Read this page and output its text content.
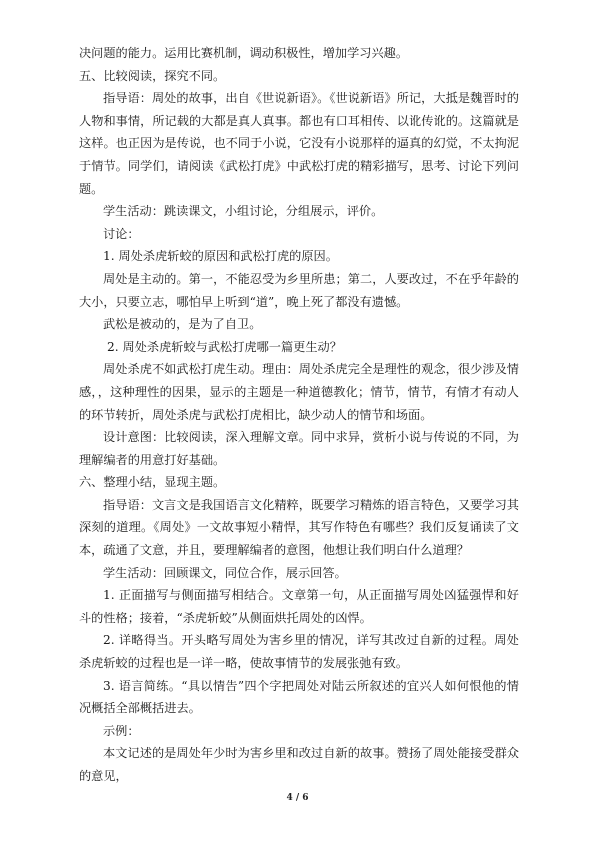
决问题的能力。运用比赛机制，调动积极性，增加学习兴趣。

五、比较阅读，探究不同。

指导语：周处的故事，出自《世说新语》。《世说新语》所记，大抵是魏晋时的人物和事情，所记载的大都是真人真事。都也有口耳相传、以讹传讹的。这篇就是这样。也正因为是传说，也不同于小说，它没有小说那样的逼真的幻觉，不太拘泥于情节。同学们，请阅读《武松打虎》中武松打虎的精彩描写，思考、讨论下列问题。

学生活动：跳读课文，小组讨论，分组展示，评价。

讨论：

1. 周处杀虎斩蛟的原因和武松打虎的原因。

周处是主动的。第一，不能忍受为乡里所患；第二，人要改过，不在乎年龄的大小，只要立志，哪怕早上听到“道”，晚上死了都没有遗憾。

武松是被动的，是为了自卫。

2. 周处杀虎斩蛟与武松打虎哪一篇更生动？

周处杀虎不如武松打虎生动。理由：周处杀虎完全是理性的观念，很少涉及情感，，这种理性的因果，显示的主题是一种道德教化；情节，情节，有情才有动人的环节转折，周处杀虎与武松打虎相比，缺少动人的情节和场面。

设计意图：比较阅读，深入理解文章。同中求异，赏析小说与传说的不同，为理解编者的用意打好基础。

六、整理小结，显现主题。

指导语：文言文是我国语言文化精粹，既要学习精炼的语言特色，又要学习其深刻的道理。《周处》一文故事短小精悍，其写作特色有哪些？我们反复诵读了文本，疏通了文意，并且，要理解编者的意图，他想让我们明白什么道理？

学生活动：回顾课文，同位合作，展示回答。

1. 正面描写与侧面描写相结合。文章第一句，从正面描写周处凶猛强悍和好斗的性格；接着，“杀虎斩蛟”从侧面烘托周处的凶悍。

2. 详略得当。开头略写周处为害乡里的情况，详写其改过自新的过程。周处杀虎斩蛟的过程也是一详一略，使故事情节的发展张弛有致。

3. 语言简练。“具以情告”四个字把周处对陆云所叙述的宜兴人如何恨他的情况概括全部概括进去。

示例：

本文记述的是周处年少时为害乡里和改过自新的故事。赞扬了周处能接受群众的意见，

4 / 6
